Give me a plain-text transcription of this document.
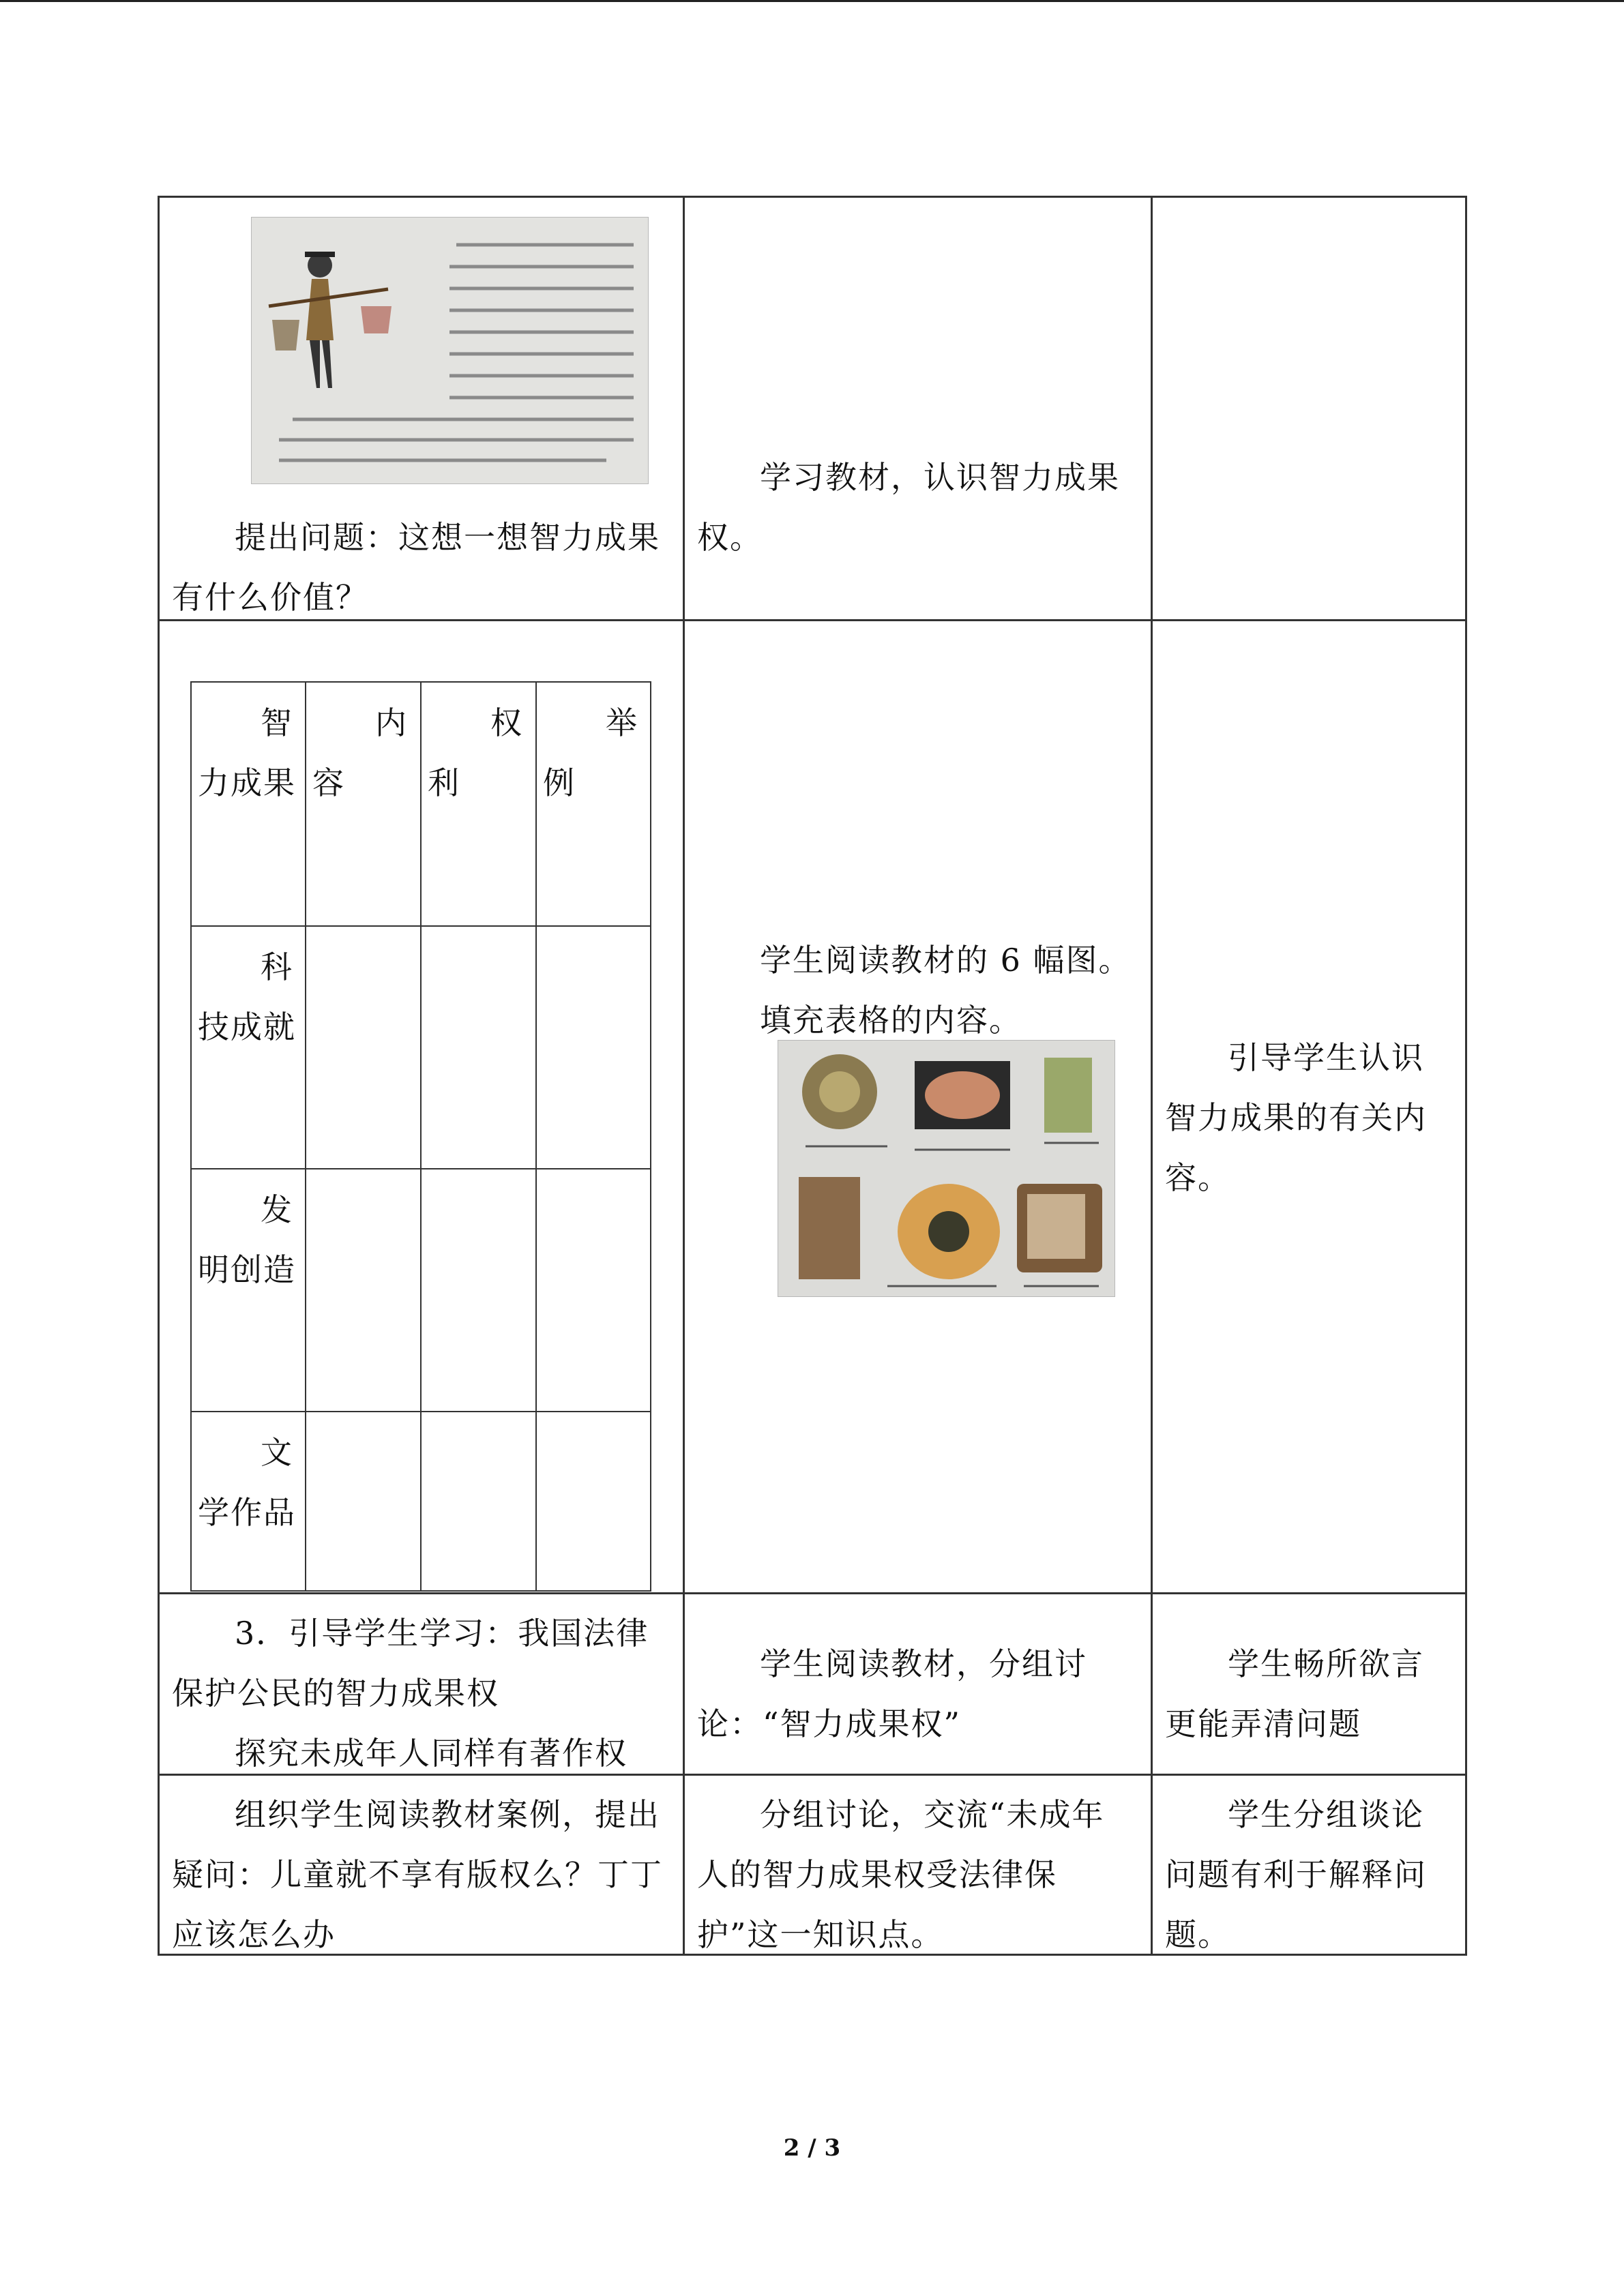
提出问题：这想一想智力成果有什么价值？

学习教材，认识智力成果权。

智力成果
内容
权利
举例
科技成就
发明创造
文学作品

学生阅读教材的 6 幅图。

填充表格的内容。

引导学生认识智力成果的有关内容。

3．引导学生学习：我国法律保护公民的智力成果权

探究未成年人同样有著作权

学生阅读教材，分组讨论：“智力成果权”

学生畅所欲言更能弄清问题

组织学生阅读教材案例，提出疑问：儿童就不享有版权么？丁丁应该怎么办

分组讨论，交流“未成年人的智力成果权受法律保护”这一知识点。

学生分组谈论问题有利于解释问题。

2 / 3
